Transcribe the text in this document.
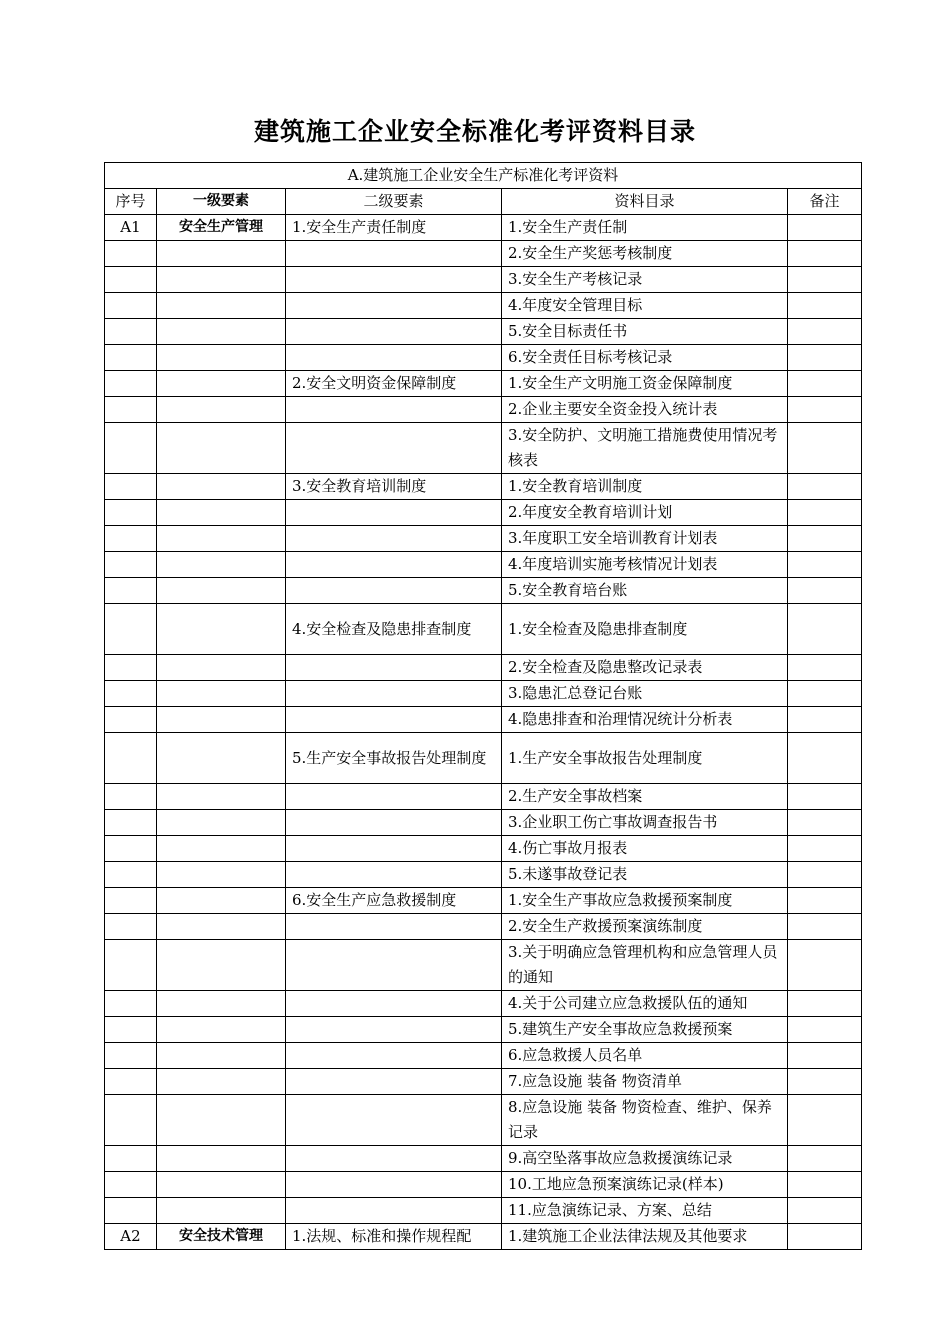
建筑施工企业安全标准化考评资料目录
A.建筑施工企业安全生产标准化考评资料				
序号	一级要素	二级要素	资料目录	备注
A1	安全生产管理	1.安全生产责任制度	1.安全生产责任制	
			2.安全生产奖惩考核制度	
			3.安全生产考核记录	
			4.年度安全管理目标	
			5.安全目标责任书	
			6.安全责任目标考核记录	
		2.安全文明资金保障制度	1.安全生产文明施工资金保障制度	
			2.企业主要安全资金投入统计表	
			3.安全防护、文明施工措施费使用情况考核表	
		3.安全教育培训制度	1.安全教育培训制度	
			2.年度安全教育培训计划	
			3.年度职工安全培训教育计划表	
			4.年度培训实施考核情况计划表	
			5.安全教育培台账	
		4.安全检查及隐患排查制度	1.安全检查及隐患排查制度	
			2.安全检查及隐患整改记录表	
			3.隐患汇总登记台账	
			4.隐患排查和治理情况统计分析表	
		5.生产安全事故报告处理制度	1.生产安全事故报告处理制度	
			2.生产安全事故档案	
			3.企业职工伤亡事故调查报告书	
			4.伤亡事故月报表	
			5.未遂事故登记表	
		6.安全生产应急救援制度	1.安全生产事故应急救援预案制度	
			2.安全生产救援预案演练制度	
			3.关于明确应急管理机构和应急管理人员的通知	
			4.关于公司建立应急救援队伍的通知	
			5.建筑生产安全事故应急救援预案	
			6.应急救援人员名单	
			7.应急设施 装备 物资清单	
			8.应急设施 装备 物资检查、维护、保养记录	
			9.高空坠落事故应急救援演练记录	
			10.工地应急预案演练记录(样本)	
			11.应急演练记录、方案、总结	
A2	安全技术管理	1.法规、标准和操作规程配	1.建筑施工企业法律法规及其他要求	
